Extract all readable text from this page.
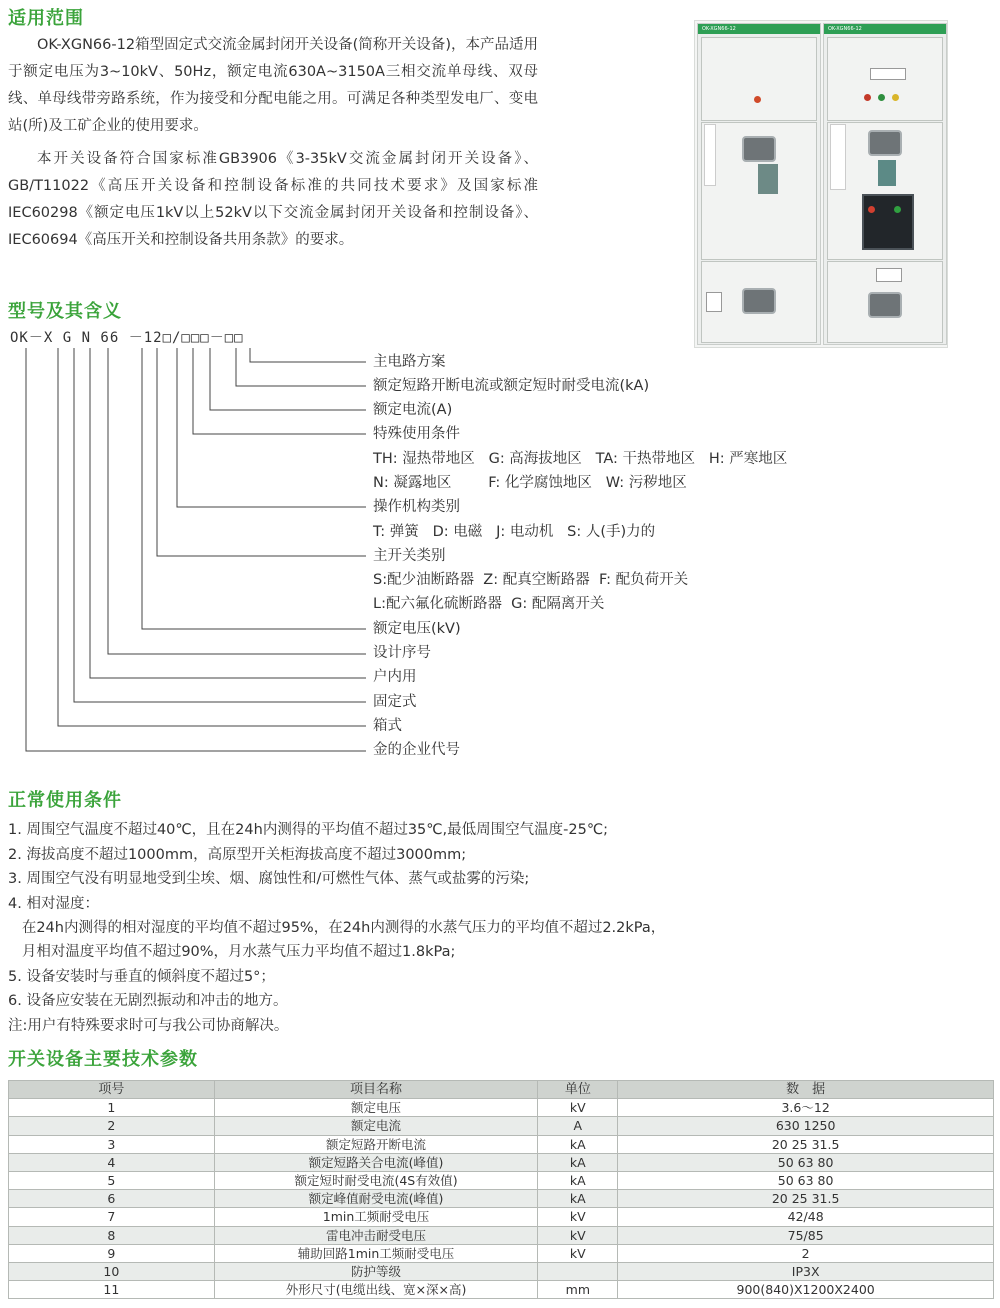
适用范围

OK-XGN66-12箱型固定式交流金属封闭开关设备(简称开关设备)，本产品适用于额定电压为3~10kV、50Hz，额定电流630A~3150A三相交流单母线、双母线、单母线带旁路系统，作为接受和分配电能之用。可满足各种类型发电厂、变电站(所)及工矿企业的使用要求。

本开关设备符合国家标准GB3906《3-35kV交流金属封闭开关设备》、GB/T11022《高压开关设备和控制设备标准的共同技术要求》及国家标准IEC60298《额定电压1kV以上52kV以下交流金属封闭开关设备和控制设备》、IEC60694《高压开关和控制设备共用条款》的要求。

OK-XGN66-12	OK-XGN66-12
型号及其含义
OK－X G N 66 －12□/□□□－□□

主电路方案

额定短路开断电流或额定短时耐受电流(kA)

额定电流(A)

特殊使用条件

TH: 湿热带地区   G: 高海拔地区   TA: 干热带地区   H: 严寒地区

N: 凝露地区        F: 化学腐蚀地区   W: 污秽地区

操作机构类别

T: 弹簧   D: 电磁   J: 电动机   S: 人(手)力的

主开关类别

S:配少油断路器  Z: 配真空断路器  F: 配负荷开关

L:配六氟化硫断路器  G: 配隔离开关

额定电压(kV)

设计序号

户内用

固定式

箱式

金的企业代号

正常使用条件

1. 周围空气温度不超过40℃，且在24h内测得的平均值不超过35℃,最低周围空气温度-25℃;

2. 海拔高度不超过1000mm，高原型开关柜海拔高度不超过3000mm;

3. 周围空气没有明显地受到尘埃、烟、腐蚀性和/可燃性气体、蒸气或盐雾的污染;

4. 相对湿度：

在24h内测得的相对湿度的平均值不超过95%，在24h内测得的水蒸气压力的平均值不超过2.2kPa，

月相对温度平均值不超过90%，月水蒸气压力平均值不超过1.8kPa;

5. 设备安装时与垂直的倾斜度不超过5°；

6. 设备应安装在无剧烈振动和冲击的地方。

注:用户有特殊要求时可与我公司协商解决。

开关设备主要技术参数
项号	项目名称	单位	数　据
1	额定电压	kV	3.6～12
2	额定电流	A	630 1250
3	额定短路开断电流	kA	20 25 31.5
4	额定短路关合电流(峰值)	kA	50 63 80
5	额定短时耐受电流(4S有效值)	kA	50 63 80
6	额定峰值耐受电流(峰值)	kA	20 25 31.5
7	1min工频耐受电压	kV	42/48
8	雷电冲击耐受电压	kV	75/85
9	辅助回路1min工频耐受电压	kV	2
10	防护等级		IP3X
11	外形尺寸(电缆出线、宽×深×高)	mm	900(840)X1200X2400
